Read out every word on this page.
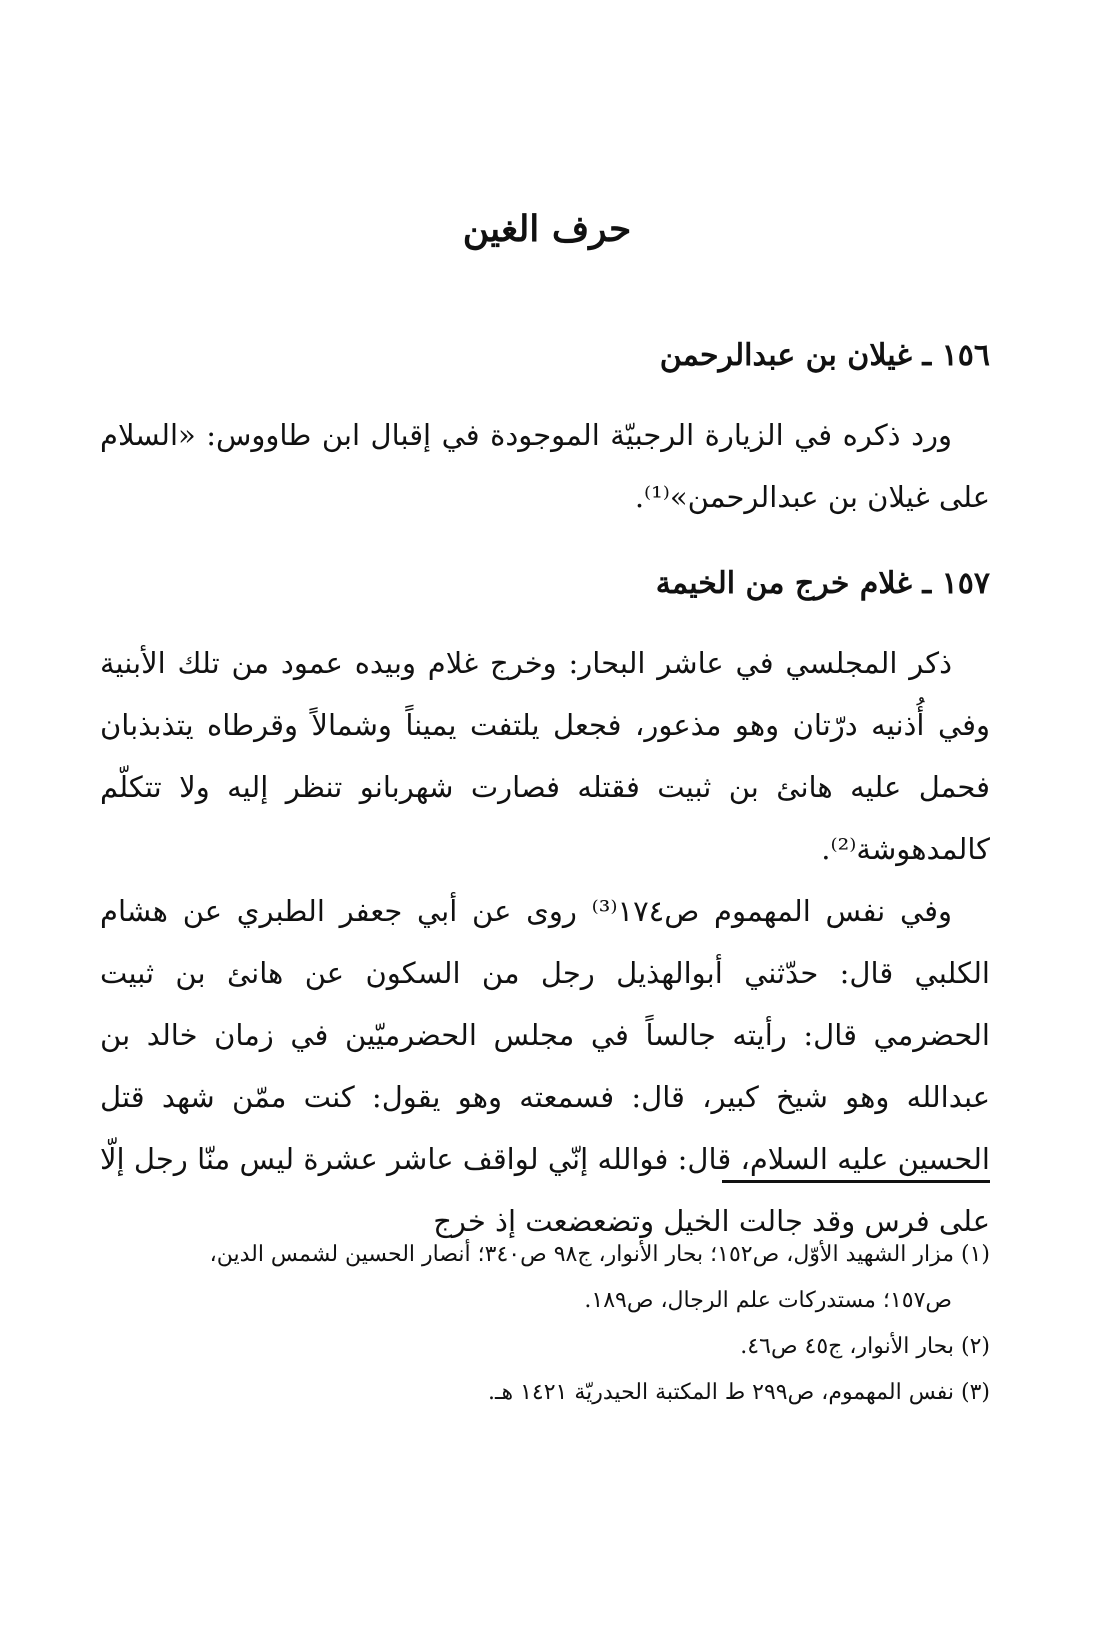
حرف الغين
١٥٦ ـ غيلان بن عبدالرحمن

ورد ذكره في الزيارة الرجبيّة الموجودة في إقبال ابن طاووس: «السلام على غيلان بن عبدالرحمن»⁽¹⁾.

١٥٧ ـ غلام خرج من الخيمة

ذكر المجلسي في عاشر البحار: وخرج غلام وبيده عمود من تلك الأبنية وفي أُذنيه درّتان وهو مذعور، فجعل يلتفت يميناً وشمالاً وقرطاه يتذبذبان فحمل عليه هانئ بن ثبيت فقتله فصارت شهربانو تنظر إليه ولا تتكلّم كالمدهوشة⁽²⁾.

وفي نفس المهموم ص١٧٤⁽³⁾ روى عن أبي جعفر الطبري عن هشام الكلبي قال: حدّثني أبوالهذيل رجل من السكون عن هانئ بن ثبيت الحضرمي قال: رأيته جالساً في مجلس الحضرميّين في زمان خالد بن عبدالله وهو شيخ كبير، قال: فسمعته وهو يقول: كنت ممّن شهد قتل الحسين عليه السلام، قال: فوالله إنّي لواقف عاشر عشرة ليس منّا رجل إلّا على فرس وقد جالت الخيل وتضعضعت إذ خرج

(١) مزار الشهيد الأوّل، ص١٥٢؛ بحار الأنوار، ج٩٨ ص٣٤٠؛ أنصار الحسين لشمس الدين،

ص١٥٧؛ مستدركات علم الرجال، ص١٨٩.

(٢) بحار الأنوار، ج٤٥ ص٤٦.

(٣) نفس المهموم، ص٢٩٩ ط المكتبة الحيدريّة ١٤٢١ هـ.
